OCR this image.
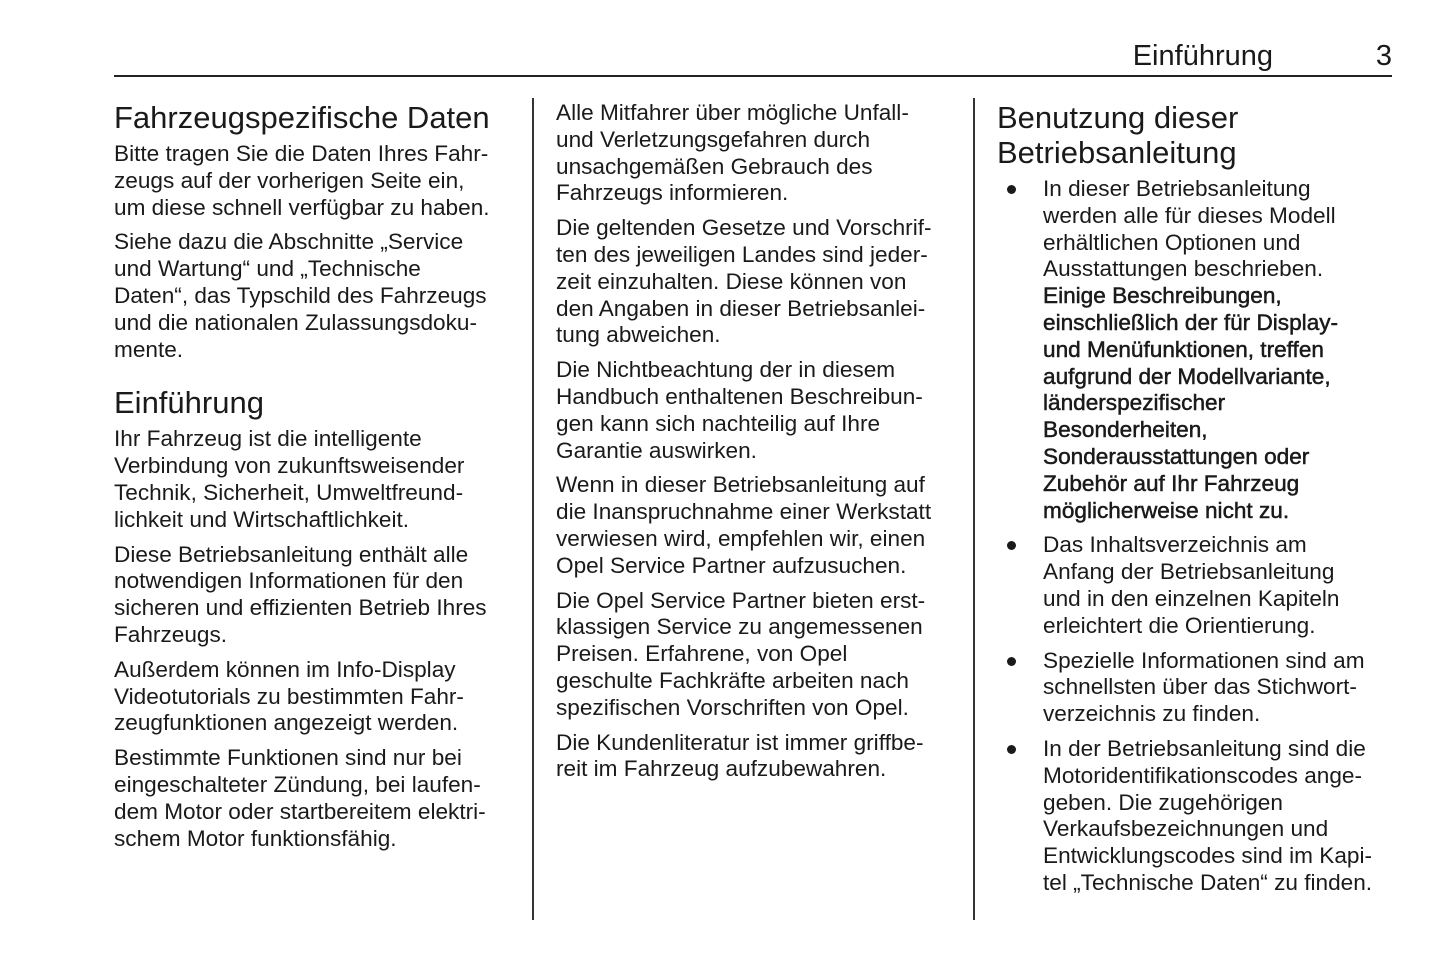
Einführung	3
Fahrzeugspezifische Daten
Bitte tragen Sie die Daten Ihres Fahr-
zeugs auf der vorherigen Seite ein,
um diese schnell verfügbar zu haben.
Siehe dazu die Abschnitte „Service
und Wartung“ und „Technische
Daten“, das Typschild des Fahrzeugs
und die nationalen Zulassungsdoku-
mente.
Einführung
Ihr Fahrzeug ist die intelligente
Verbindung von zukunftsweisender
Technik, Sicherheit, Umweltfreund-
lichkeit und Wirtschaftlichkeit.
Diese Betriebsanleitung enthält alle
notwendigen Informationen für den
sicheren und effizienten Betrieb Ihres
Fahrzeugs.
Außerdem können im Info-Display
Videotutorials zu bestimmten Fahr-
zeugfunktionen angezeigt werden.
Bestimmte Funktionen sind nur bei
eingeschalteter Zündung, bei laufen-
dem Motor oder startbereitem elektri-
schem Motor funktionsfähig.
Alle Mitfahrer über mögliche Unfall-
und Verletzungsgefahren durch
unsachgemäßen Gebrauch des
Fahrzeugs informieren.
Die geltenden Gesetze und Vorschrif-
ten des jeweiligen Landes sind jeder-
zeit einzuhalten. Diese können von
den Angaben in dieser Betriebsanlei-
tung abweichen.
Die Nichtbeachtung der in diesem
Handbuch enthaltenen Beschreibun-
gen kann sich nachteilig auf Ihre
Garantie auswirken.
Wenn in dieser Betriebsanleitung auf
die Inanspruchnahme einer Werkstatt
verwiesen wird, empfehlen wir, einen
Opel Service Partner aufzusuchen.
Die Opel Service Partner bieten erst-
klassigen Service zu angemessenen
Preisen. Erfahrene, von Opel
geschulte Fachkräfte arbeiten nach
spezifischen Vorschriften von Opel.
Die Kundenliteratur ist immer griffbe-
reit im Fahrzeug aufzubewahren.
Benutzung dieser
Betriebsanleitung
In dieser Betriebsanleitung
werden alle für dieses Modell
erhältlichen Optionen und
Ausstattungen beschrieben.
Einige Beschreibungen,
einschließlich der für Display-
und Menüfunktionen, treffen
aufgrund der Modellvariante,
länderspezifischer
Besonderheiten,
Sonderausstattungen oder
Zubehör auf Ihr Fahrzeug
möglicherweise nicht zu.
Das Inhaltsverzeichnis am
Anfang der Betriebsanleitung
und in den einzelnen Kapiteln
erleichtert die Orientierung.
Spezielle Informationen sind am
schnellsten über das Stichwort-
verzeichnis zu finden.
In der Betriebsanleitung sind die
Motoridentifikationscodes ange-
geben. Die zugehörigen
Verkaufsbezeichnungen und
Entwicklungscodes sind im Kapi-
tel „Technische Daten“ zu finden.
